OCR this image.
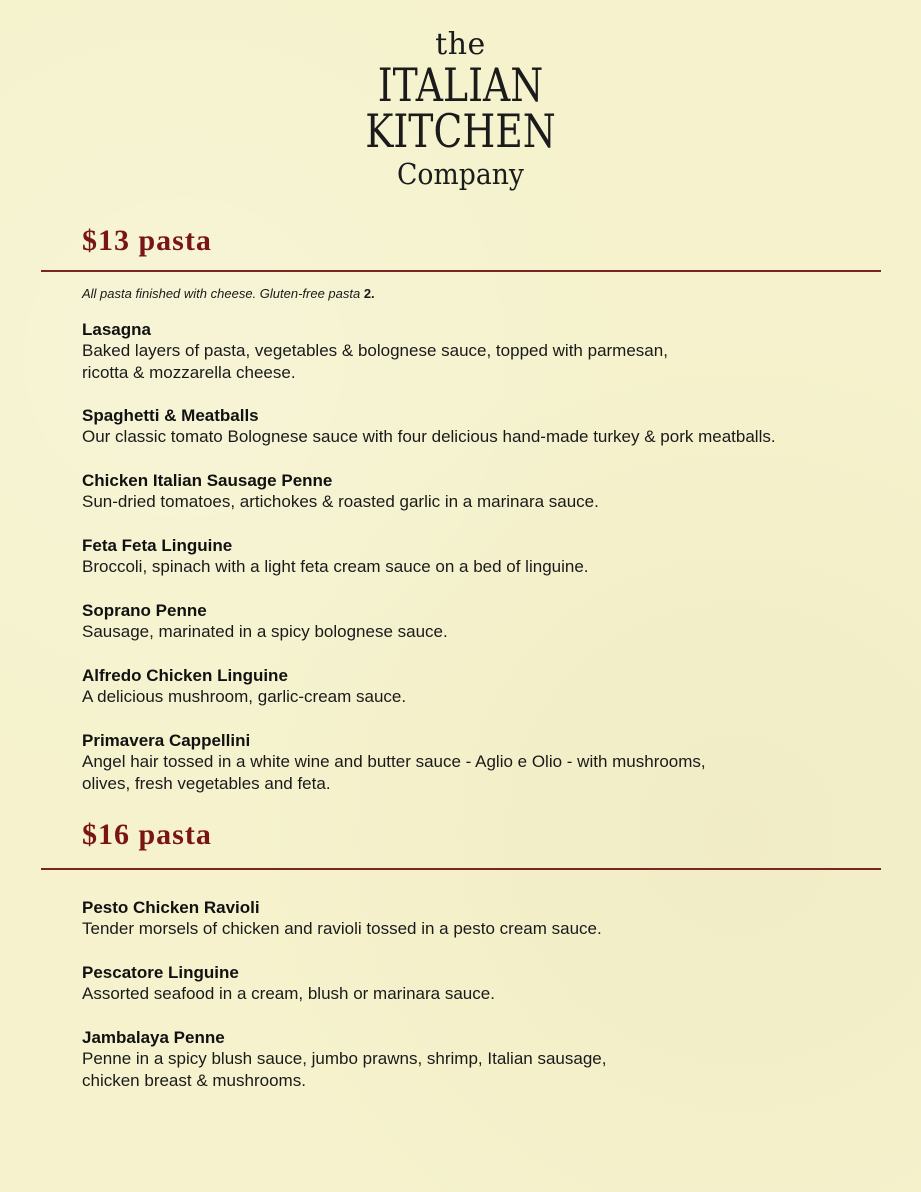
the
ITALIAN
KITCHEN
Company
$13 pasta
All pasta finished with cheese. Gluten-free pasta 2.
Lasagna
Baked layers of pasta, vegetables & bolognese sauce, topped with parmesan,
ricotta & mozzarella cheese.
Spaghetti & Meatballs
Our classic tomato Bolognese sauce with four delicious hand-made turkey & pork meatballs.
Chicken Italian Sausage Penne
Sun-dried tomatoes, artichokes & roasted garlic in a marinara sauce.
Feta Feta Linguine
Broccoli, spinach with a light feta cream sauce on a bed of linguine.
Soprano Penne
Sausage, marinated in a spicy bolognese sauce.
Alfredo Chicken Linguine
A delicious mushroom, garlic-cream sauce.
Primavera Cappellini
Angel hair tossed in a white wine and butter sauce - Aglio e Olio - with mushrooms,
olives, fresh vegetables and feta.
$16 pasta
Pesto Chicken Ravioli
Tender morsels of chicken and ravioli tossed in a pesto cream sauce.
Pescatore Linguine
Assorted seafood in a cream, blush or marinara sauce.
Jambalaya Penne
Penne in a spicy blush sauce, jumbo prawns, shrimp, Italian sausage,
chicken breast & mushrooms.
